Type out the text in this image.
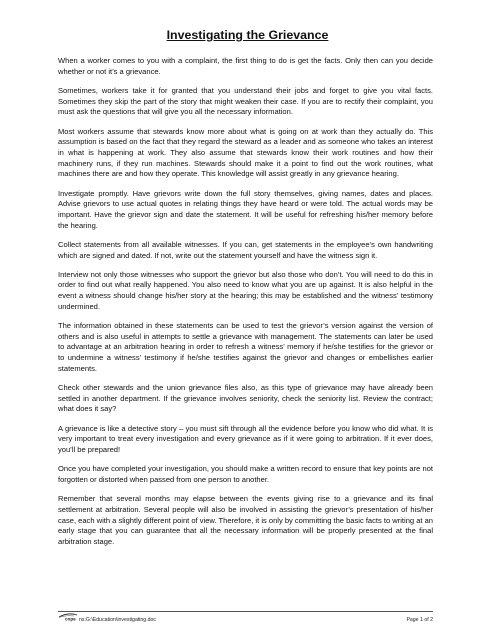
Investigating the Grievance

When a worker comes to you with a complaint, the first thing to do is get the facts. Only then can you decide whether or not it’s a grievance.

Sometimes, workers take it for granted that you understand their jobs and forget to give you vital facts. Sometimes they skip the part of the story that might weaken their case. If you are to rectify their complaint, you must ask the questions that will give you all the necessary information.

Most workers assume that stewards know more about what is going on at work than they actually do. This assumption is based on the fact that they regard the steward as a leader and as someone who takes an interest in what is happening at work. They also assume that stewards know their work routines and how their machinery runs, if they run machines. Stewards should make it a point to find out the work routines, what machines there are and how they operate. This knowledge will assist greatly in any grievance hearing.

Investigate promptly. Have grievors write down the full story themselves, giving names, dates and places. Advise grievors to use actual quotes in relating things they have heard or were told. The actual words may be important. Have the grievor sign and date the statement. It will be useful for refreshing his/her memory before the hearing.

Collect statements from all available witnesses. If you can, get statements in the employee’s own handwriting which are signed and dated. If not, write out the statement yourself and have the witness sign it.

Interview not only those witnesses who support the grievor but also those who don’t. You will need to do this in order to find out what really happened. You also need to know what you are up against. It is also helpful in the event a witness should change his/her story at the hearing; this may be established and the witness’ testimony undermined.

The information obtained in these statements can be used to test the grievor’s version against the version of others and is also useful in attempts to settle a grievance with management. The statements can later be used to advantage at an arbitration hearing in order to refresh a witness’ memory if he/she testifies for the grievor or to undermine a witness’ testimony if he/she testifies against the grievor and changes or embellishes earlier statements.

Check other stewards and the union grievance files also, as this type of grievance may have already been settled in another department. If the grievance involves seniority, check the seniority list. Review the contract; what does it say?

A grievance is like a detective story – you must sift through all the evidence before you know who did what. It is very important to treat every investigation and every grievance as if it were going to arbitration. If it ever does, you’ll be prepared!

Once you have completed your investigation, you should make a written record to ensure that key points are not forgotten or distorted when passed from one person to another.

Remember that several months may elapse between the events giving rise to a grievance and its final settlement at arbitration. Several people will also be involved in assisting the grievor’s presentation of his/her case, each with a slightly different point of view. Therefore, it is only by committing the basic facts to writing at an early stage that you can guarantee that all the necessary information will be properly presented at the final arbitration stage.

cope ns:G:\Education\investigating.doc	Page 1 of 2
